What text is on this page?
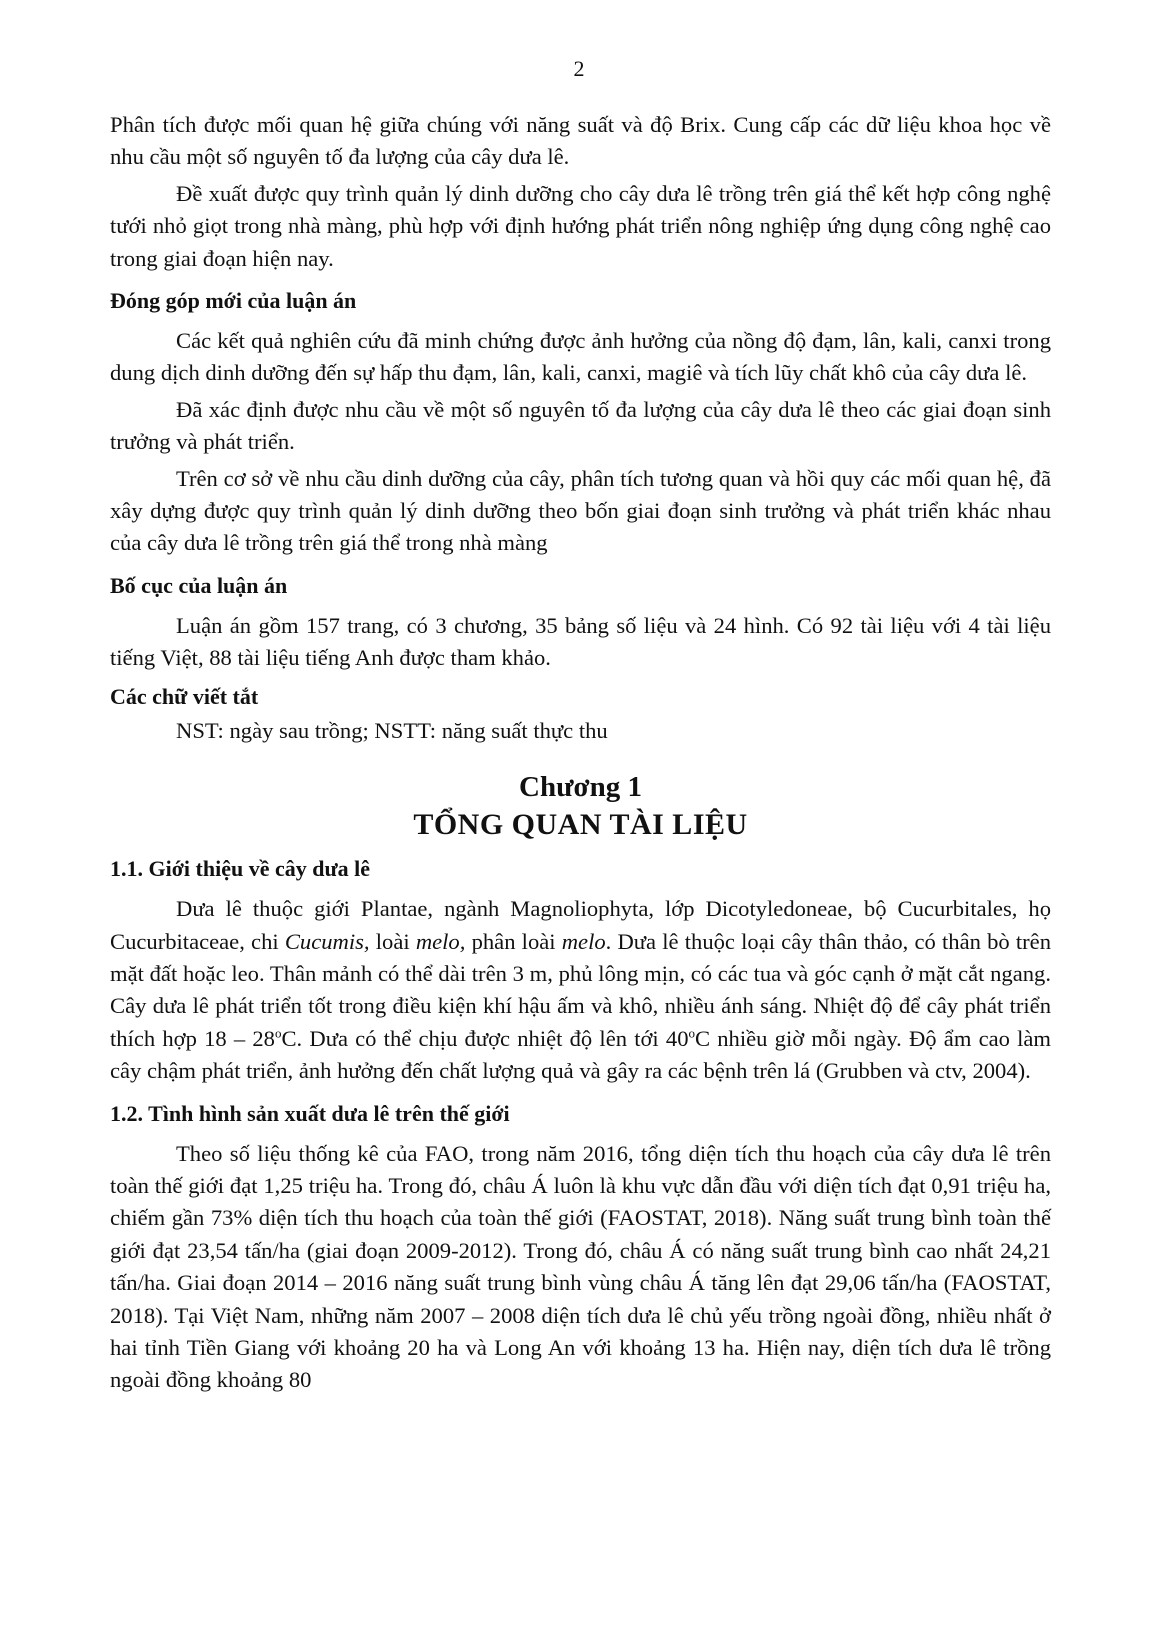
2

Phân tích được mối quan hệ giữa chúng với năng suất và độ Brix. Cung cấp các dữ liệu khoa học về nhu cầu một số nguyên tố đa lượng của cây dưa lê.

Đề xuất được quy trình quản lý dinh dưỡng cho cây dưa lê trồng trên giá thể kết hợp công nghệ tưới nhỏ giọt trong nhà màng, phù hợp với định hướng phát triển nông nghiệp ứng dụng công nghệ cao trong giai đoạn hiện nay.

Đóng góp mới của luận án

Các kết quả nghiên cứu đã minh chứng được ảnh hưởng của nồng độ đạm, lân, kali, canxi trong dung dịch dinh dưỡng đến sự hấp thu đạm, lân, kali, canxi, magiê và tích lũy chất khô của cây dưa lê.

Đã xác định được nhu cầu về một số nguyên tố đa lượng của cây dưa lê theo các giai đoạn sinh trưởng và phát triển.

Trên cơ sở về nhu cầu dinh dưỡng của cây, phân tích tương quan và hồi quy các mối quan hệ, đã xây dựng được quy trình quản lý dinh dưỡng theo bốn giai đoạn sinh trưởng và phát triển khác nhau của cây dưa lê trồng trên giá thể trong nhà màng

Bố cục của luận án

Luận án gồm 157 trang, có 3 chương, 35 bảng số liệu và 24 hình. Có 92 tài liệu với 4 tài liệu tiếng Việt, 88 tài liệu tiếng Anh được tham khảo.

Các chữ viết tắt

NST: ngày sau trồng; NSTT: năng suất thực thu

Chương 1
TỔNG QUAN TÀI LIỆU
1.1. Giới thiệu về cây dưa lê

Dưa lê thuộc giới Plantae, ngành Magnoliophyta, lớp Dicotyledoneae, bộ Cucurbitales, họ Cucurbitaceae, chi Cucumis, loài melo, phân loài melo. Dưa lê thuộc loại cây thân thảo, có thân bò trên mặt đất hoặc leo. Thân mảnh có thể dài trên 3 m, phủ lông mịn, có các tua và góc cạnh ở mặt cắt ngang. Cây dưa lê phát triển tốt trong điều kiện khí hậu ấm và khô, nhiều ánh sáng. Nhiệt độ để cây phát triển thích hợp 18 – 28$^o$C. Dưa có thể chịu được nhiệt độ lên tới 40$^o$C nhiều giờ mỗi ngày. Độ ẩm cao làm cây chậm phát triển, ảnh hưởng đến chất lượng quả và gây ra các bệnh trên lá (Grubben và ctv, 2004).

1.2. Tình hình sản xuất dưa lê trên thế giới

Theo số liệu thống kê của FAO, trong năm 2016, tổng diện tích thu hoạch của cây dưa lê trên toàn thế giới đạt 1,25 triệu ha. Trong đó, châu Á luôn là khu vực dẫn đầu với diện tích đạt 0,91 triệu ha, chiếm gần 73% diện tích thu hoạch của toàn thế giới (FAOSTAT, 2018). Năng suất trung bình toàn thế giới đạt 23,54 tấn/ha (giai đoạn 2009-2012). Trong đó, châu Á có năng suất trung bình cao nhất 24,21 tấn/ha. Giai đoạn 2014 – 2016 năng suất trung bình vùng châu Á tăng lên đạt 29,06 tấn/ha (FAOSTAT, 2018). Tại Việt Nam, những năm 2007 – 2008 diện tích dưa lê chủ yếu trồng ngoài đồng, nhiều nhất ở hai tỉnh Tiền Giang với khoảng 20 ha và Long An với khoảng 13 ha. Hiện nay, diện tích dưa lê trồng ngoài đồng khoảng 80
